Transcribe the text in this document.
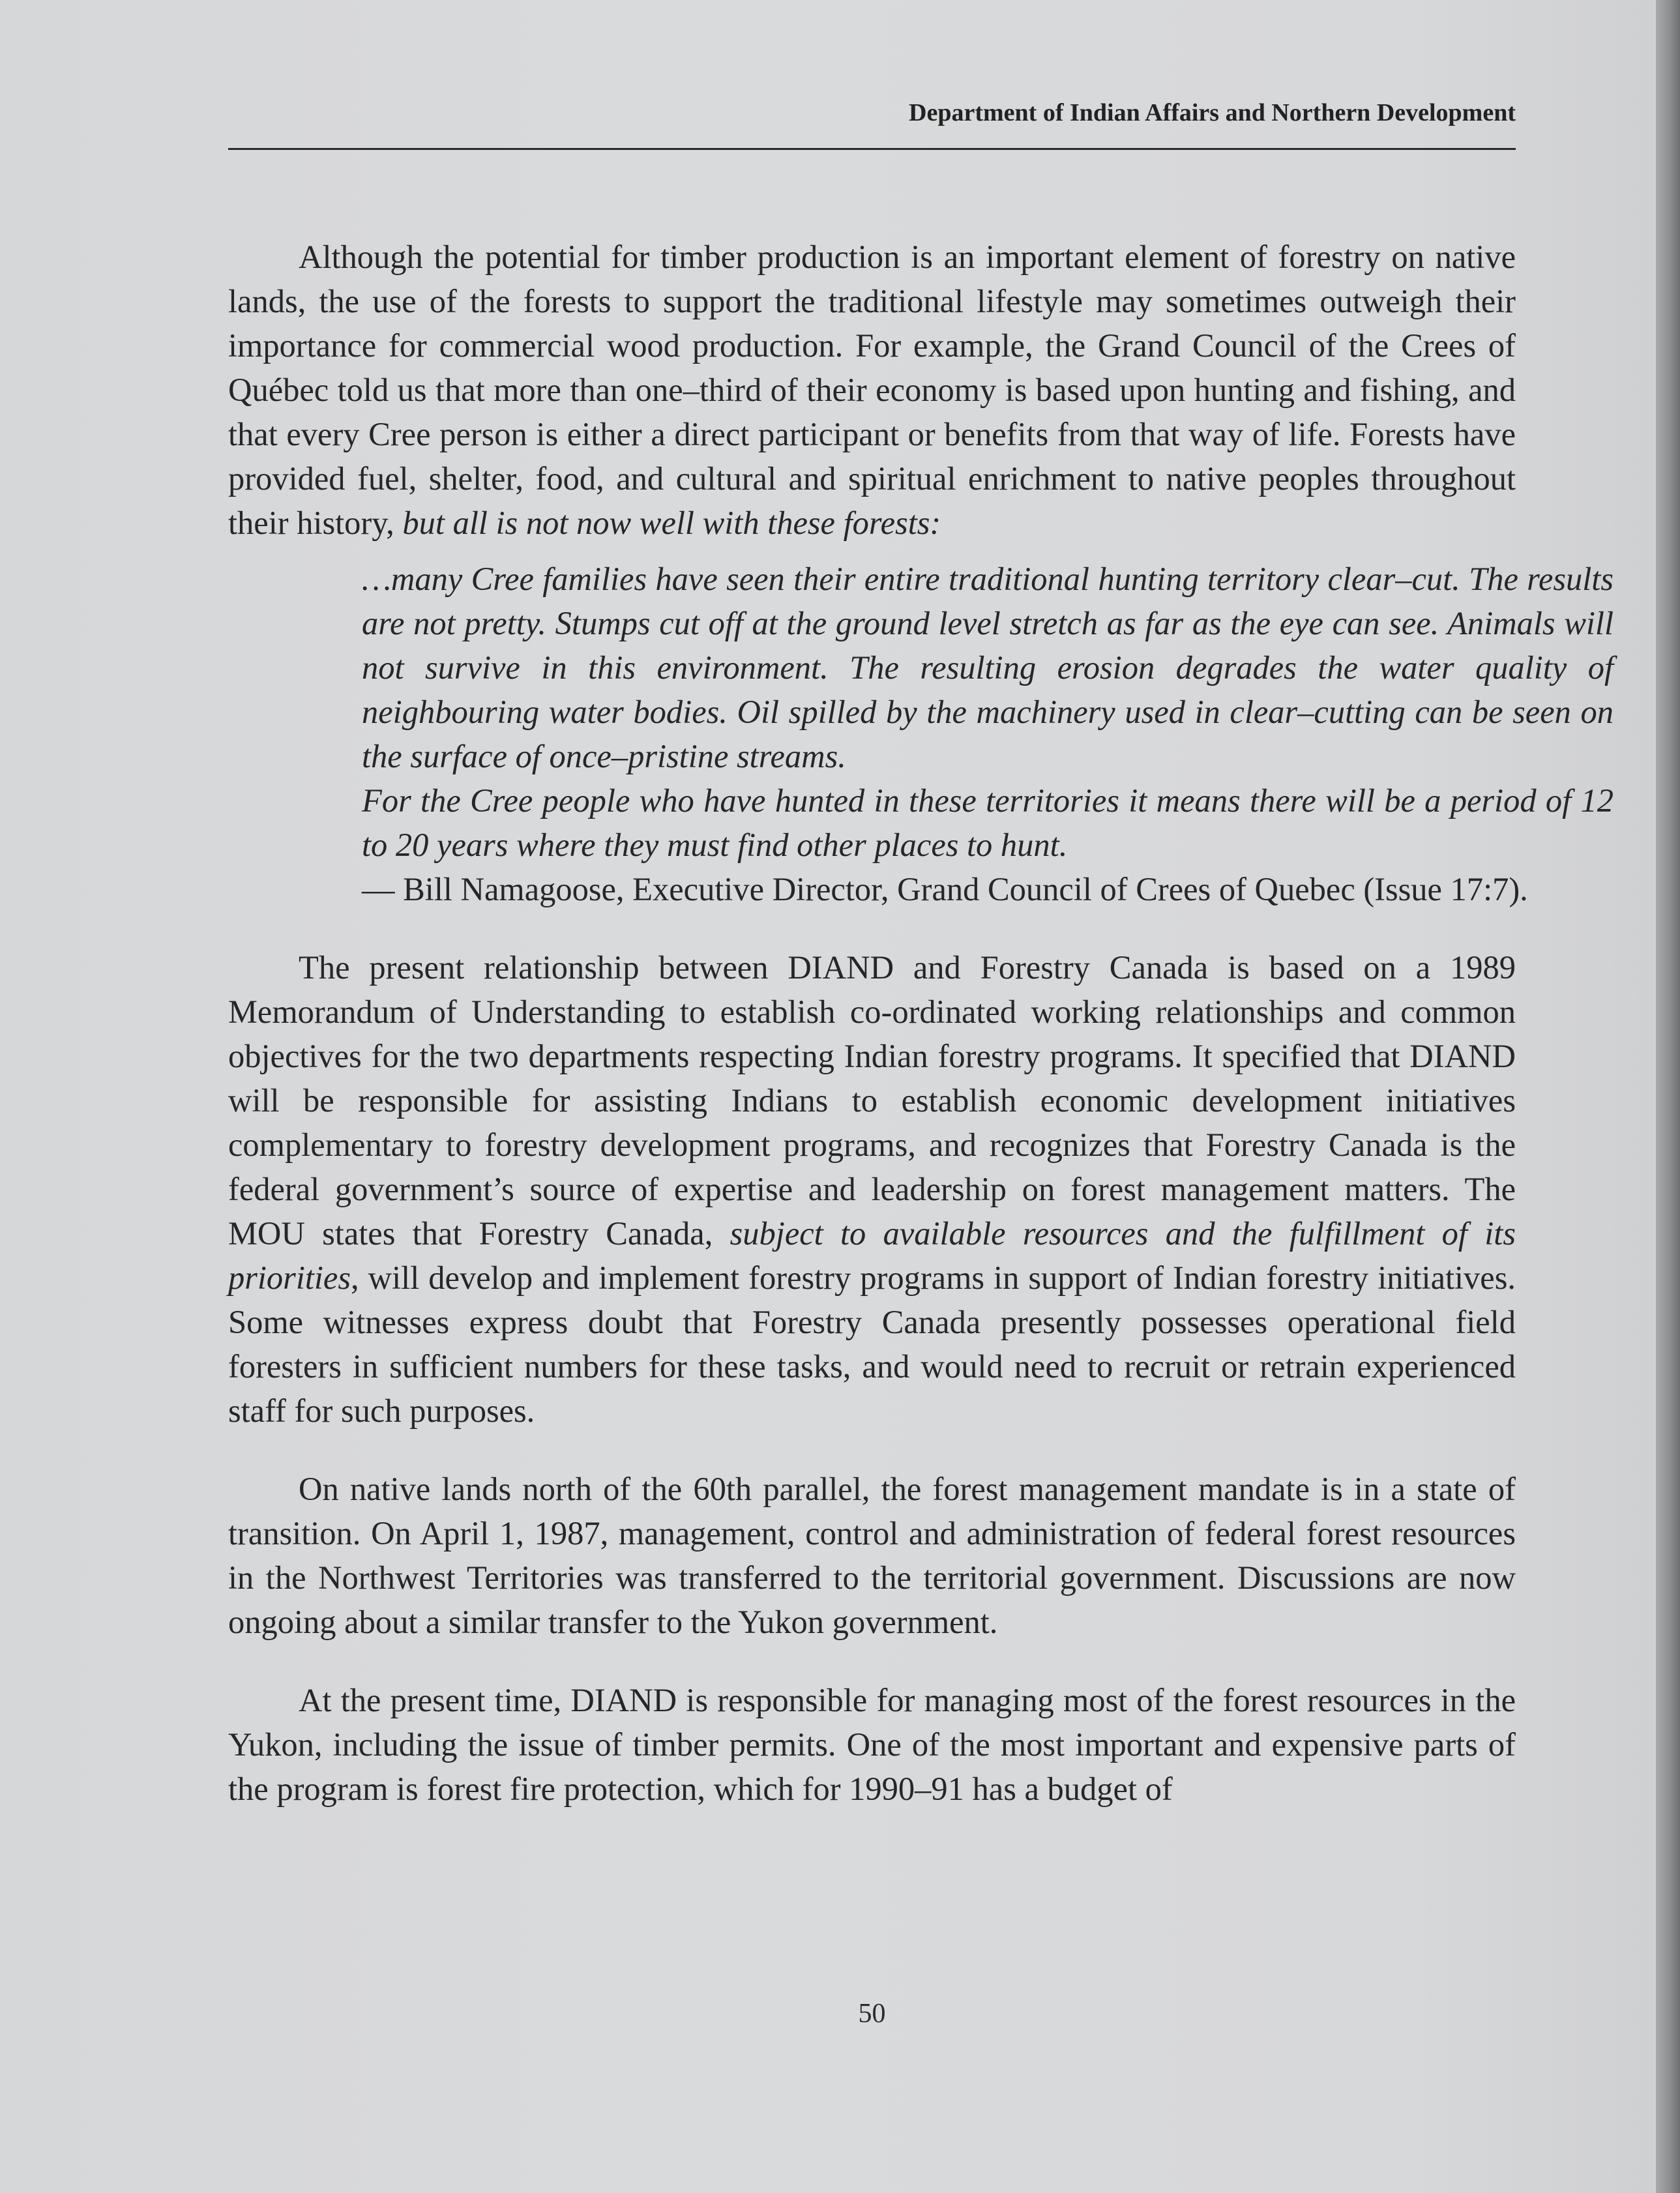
Department of Indian Affairs and Northern Development

Although the potential for timber production is an important element of forestry on native lands, the use of the forests to support the traditional lifestyle may sometimes outweigh their importance for commercial wood production. For example, the Grand Council of the Crees of Québec told us that more than one–third of their economy is based upon hunting and fishing, and that every Cree person is either a direct participant or benefits from that way of life. Forests have provided fuel, shelter, food, and cultural and spiritual enrichment to native peoples throughout their history, but all is not now well with these forests:

…many Cree families have seen their entire traditional hunting territory clear–cut. The results are not pretty. Stumps cut off at the ground level stretch as far as the eye can see. Animals will not survive in this environment. The resulting erosion degrades the water quality of neighbouring water bodies. Oil spilled by the machinery used in clear–cutting can be seen on the surface of once–pristine streams.
For the Cree people who have hunted in these territories it means there will be a period of 12 to 20 years where they must find other places to hunt.
— Bill Namagoose, Executive Director, Grand Council of Crees of Quebec (Issue 17:7).

The present relationship between DIAND and Forestry Canada is based on a 1989 Memorandum of Understanding to establish co-ordinated working relationships and common objectives for the two departments respecting Indian forestry programs. It specified that DIAND will be responsible for assisting Indians to establish economic development initiatives complementary to forestry development programs, and recognizes that Forestry Canada is the federal government’s source of expertise and leadership on forest management matters. The MOU states that Forestry Canada, subject to available resources and the fulfillment of its priorities, will develop and implement forestry programs in support of Indian forestry initiatives. Some witnesses express doubt that Forestry Canada presently possesses operational field foresters in sufficient numbers for these tasks, and would need to recruit or retrain experienced staff for such purposes.

On native lands north of the 60th parallel, the forest management mandate is in a state of transition. On April 1, 1987, management, control and administration of federal forest resources in the Northwest Territories was transferred to the territorial government. Discussions are now ongoing about a similar transfer to the Yukon government.

At the present time, DIAND is responsible for managing most of the forest resources in the Yukon, including the issue of timber permits. One of the most important and expensive parts of the program is forest fire protection, which for 1990–91 has a budget of

50
